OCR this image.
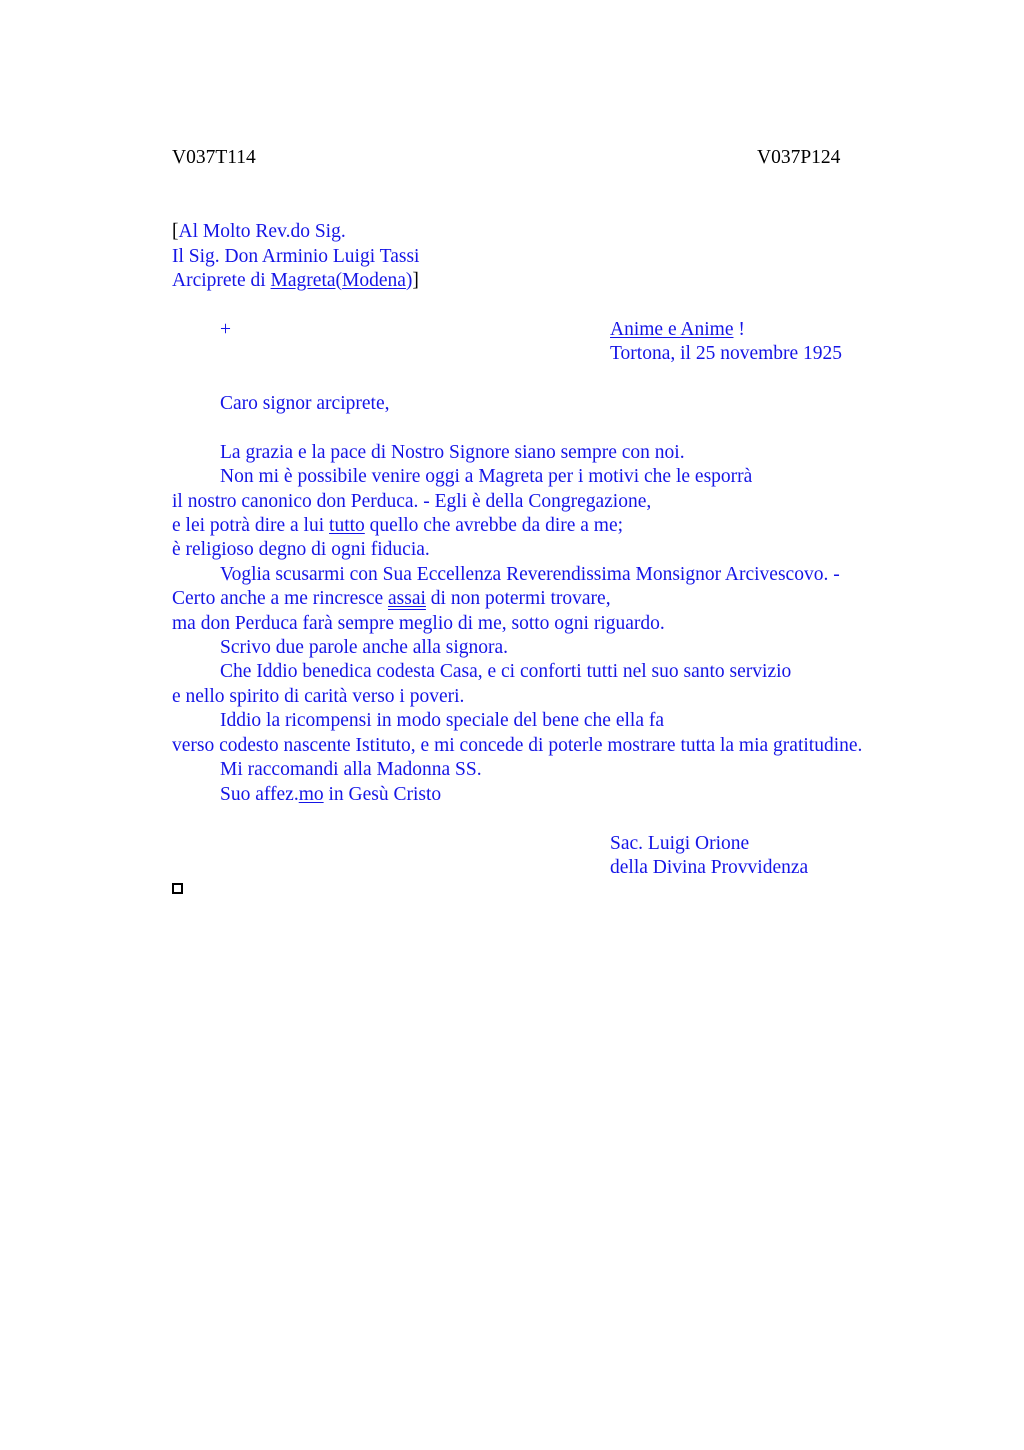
V037T114	V037P124
[Al Molto Rev.do Sig.
Il Sig. Don Arminio Luigi Tassi
Arciprete di Magreta(Modena)]
+	Anime e Anime !
Tortona, il 25 novembre 1925
Caro signor arciprete,
La grazia e la pace di Nostro Signore siano sempre con noi.
Non mi è possibile venire oggi a Magreta per i motivi che le esporrà
il nostro canonico don Perduca. - Egli è della Congregazione,
e lei potrà dire a lui tutto quello che avrebbe da dire a me;
è religioso degno di ogni fiducia.
Voglia scusarmi con Sua Eccellenza Reverendissima Monsignor Arcivescovo. -
Certo anche a me rincresce assai di non potermi trovare,
ma don Perduca farà sempre meglio di me, sotto ogni riguardo.
Scrivo due parole anche alla signora.
Che Iddio benedica codesta Casa, e ci conforti tutti nel suo santo servizio
e nello spirito di carità verso i poveri.
Iddio la ricompensi in modo speciale del bene che ella fa
verso codesto nascente Istituto, e mi concede di poterle mostrare tutta la mia gratitudine.
Mi raccomandi alla Madonna SS.
Suo affez.mo in Gesù Cristo
Sac. Luigi Orione
della Divina Provvidenza
